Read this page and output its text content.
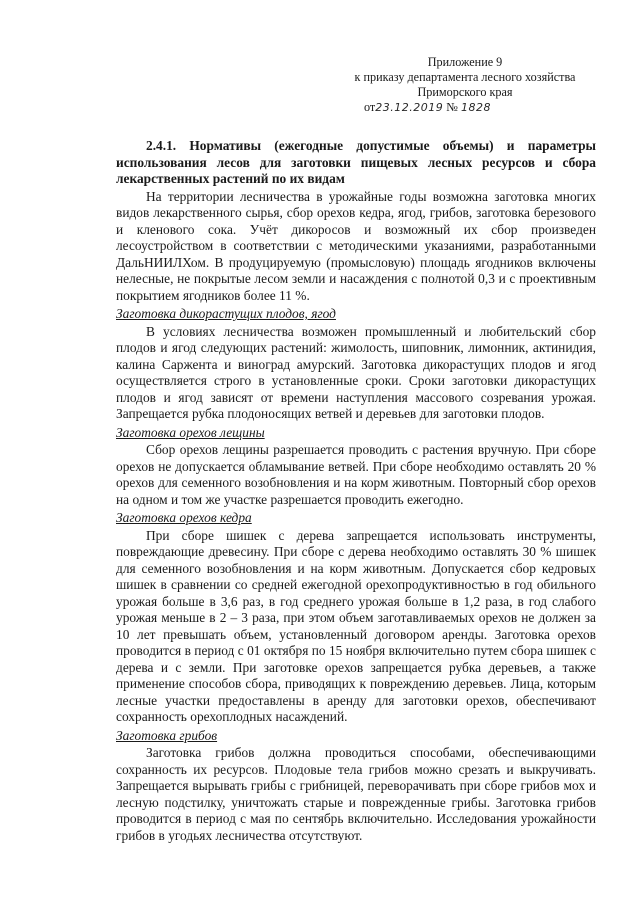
Приложение 9
к приказу департамента лесного хозяйства
Приморского края
от23.12.2019 № 1828

2.4.1. Нормативы (ежегодные допустимые объемы) и параметры использования лесов для заготовки пищевых лесных ресурсов и сбора лекарственных растений по их видам

На территории лесничества в урожайные годы возможна заготовка многих видов лекарственного сырья, сбор орехов кедра, ягод, грибов, заготовка березового и кленового сока. Учёт дикоросов и возможный их сбор произведен лесоустройством в соответствии с методическими указаниями, разработанными ДальНИИЛХом. В продуцируемую (промысловую) площадь ягодников включены нелесные, не покрытые лесом земли и насаждения с полнотой 0,3 и с проективным покрытием ягодников более 11 %.

Заготовка дикорастущих плодов, ягод

В условиях лесничества возможен промышленный и любительский сбор плодов и ягод следующих растений: жимолость, шиповник, лимонник, актинидия, калина Саржента и виноград амурский. Заготовка дикорастущих плодов и ягод осуществляется строго в установленные сроки. Сроки заготовки дикорастущих плодов и ягод зависят от времени наступления массового созревания урожая. Запрещается рубка плодоносящих ветвей и деревьев для заготовки плодов.

Заготовка орехов лещины

Сбор орехов лещины разрешается проводить с растения вручную. При сборе орехов не допускается обламывание ветвей. При сборе необходимо оставлять 20 % орехов для семенного возобновления и на корм животным. Повторный сбор орехов на одном и том же участке разрешается проводить ежегодно.

Заготовка орехов кедра

При сборе шишек с дерева запрещается использовать инструменты, повреждающие древесину. При сборе с дерева необходимо оставлять 30 % шишек для семенного возобновления и на корм животным. Допускается сбор кедровых шишек в сравнении со средней ежегодной орехопродуктивностью в год обильного урожая больше в 3,6 раз, в год среднего урожая больше в 1,2 раза, в год слабого урожая меньше в 2 – 3 раза, при этом объем заготавливаемых орехов не должен за 10 лет превышать объем, установленный договором аренды. Заготовка орехов проводится в период с 01 октября по 15 ноября включительно путем сбора шишек с дерева и с земли. При заготовке орехов запрещается рубка деревьев, а также применение способов сбора, приводящих к повреждению деревьев. Лица, которым лесные участки предоставлены в аренду для заготовки орехов, обеспечивают сохранность орехоплодных насаждений.

Заготовка грибов

Заготовка грибов должна проводиться способами, обеспечивающими сохранность их ресурсов. Плодовые тела грибов можно срезать и выкручивать. Запрещается вырывать грибы с грибницей, переворачивать при сборе грибов мох и лесную подстилку, уничтожать старые и поврежденные грибы. Заготовка грибов проводится в период с мая по сентябрь включительно. Исследования урожайности грибов в угодьях лесничества отсутствуют.
